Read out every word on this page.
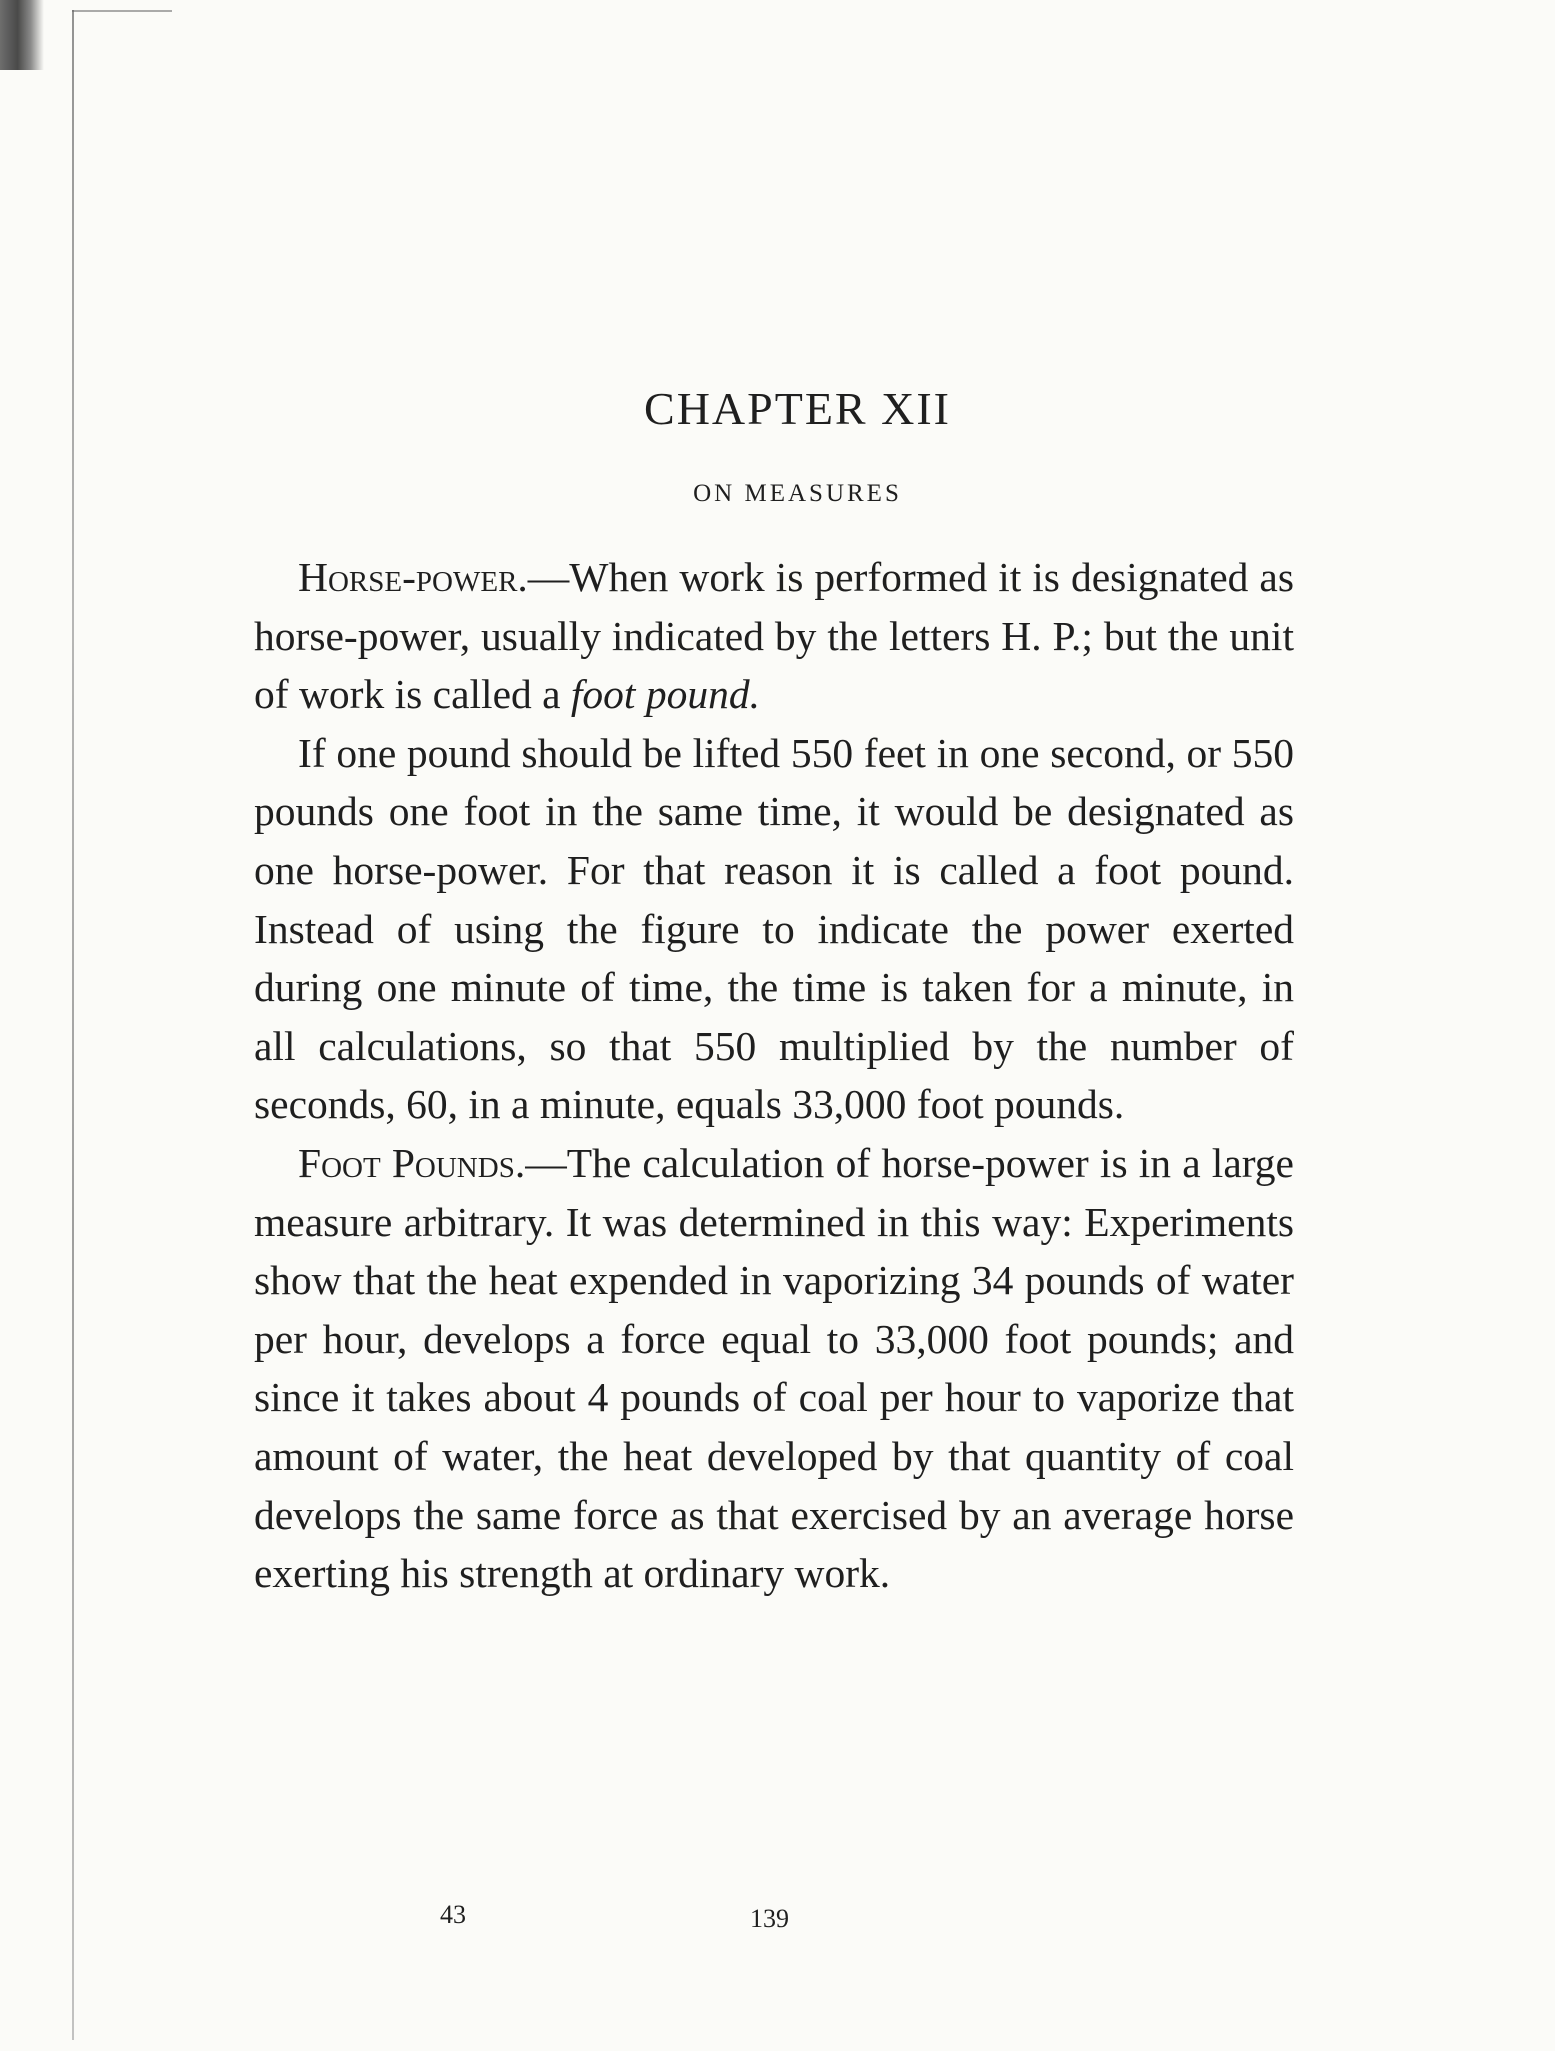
CHAPTER XII
ON MEASURES

Horse-power.—When work is performed it is designated as horse-power, usually indicated by the letters H. P.; but the unit of work is called a foot pound.

If one pound should be lifted 550 feet in one second, or 550 pounds one foot in the same time, it would be designated as one horse-power. For that reason it is called a foot pound. Instead of using the figure to indicate the power exerted during one minute of time, the time is taken for a minute, in all calculations, so that 550 multiplied by the number of seconds, 60, in a minute, equals 33,000 foot pounds.

Foot Pounds.—The calculation of horse-power is in a large measure arbitrary. It was determined in this way: Experiments show that the heat expended in vaporizing 34 pounds of water per hour, develops a force equal to 33,000 foot pounds; and since it takes about 4 pounds of coal per hour to vaporize that amount of water, the heat developed by that quantity of coal develops the same force as that exercised by an average horse exerting his strength at ordinary work.

43	139
